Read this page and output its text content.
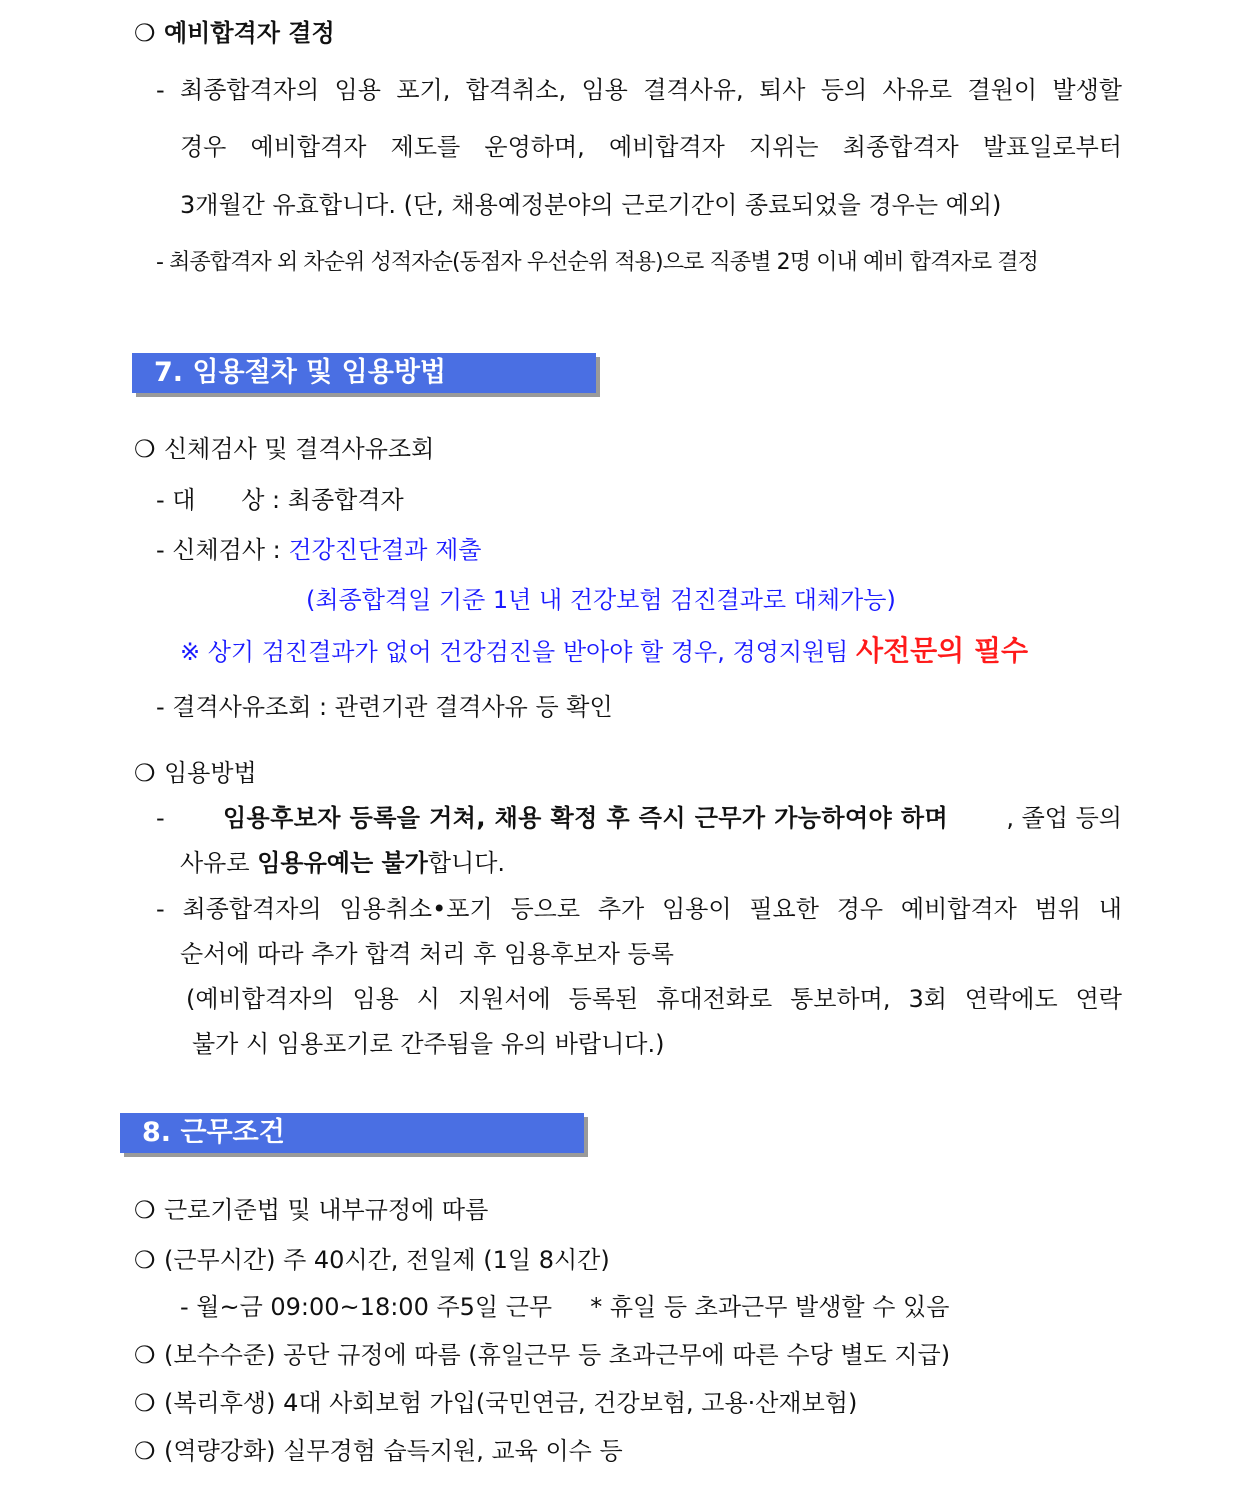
❍ 예비합격자 결정
- 최종합격자의 임용 포기, 합격취소, 임용 결격사유, 퇴사 등의 사유로 결원이 발생할
경우 예비합격자 제도를 운영하며, 예비합격자 지위는 최종합격자 발표일로부터
3개월간 유효합니다. (단, 채용예정분야의 근로기간이 종료되었을 경우는 예외)
- 최종합격자 외 차순위 성적자순(동점자 우선순위 적용)으로 직종별 2명 이내 예비 합격자로 결정
7. 임용절차 및 임용방법
❍ 신체검사 및 결격사유조회
- 대      상 : 최종합격자
- 신체검사 : 건강진단결과 제출
(최종합격일 기준 1년 내 건강보험 검진결과로 대체가능)
※ 상기 검진결과가 없어 건강검진을 받아야 할 경우, 경영지원팀 사전문의 필수
- 결격사유조회 : 관련기관 결격사유 등 확인
❍ 임용방법
- 임용후보자 등록을 거쳐, 채용 확정 후 즉시 근무가 가능하여야 하며 , 졸업 등의
사유로 임용유예는 불가합니다.
- 최종합격자의 임용취소•포기 등으로 추가 임용이 필요한 경우 예비합격자 범위 내
순서에 따라 추가 합격 처리 후 임용후보자 등록
(예비합격자의 임용 시 지원서에 등록된 휴대전화로 통보하며, 3회 연락에도 연락
불가 시 임용포기로 간주됨을 유의 바랍니다.)
8. 근무조건
❍ 근로기준법 및 내부규정에 따름
❍ (근무시간) 주 40시간, 전일제 (1일 8시간)
- 월~금 09:00~18:00 주5일 근무     * 휴일 등 초과근무 발생할 수 있음
❍ (보수수준) 공단 규정에 따름 (휴일근무 등 초과근무에 따른 수당 별도 지급)
❍ (복리후생) 4대 사회보험 가입(국민연금, 건강보험, 고용·산재보험)
❍ (역량강화) 실무경험 습득지원, 교육 이수 등
